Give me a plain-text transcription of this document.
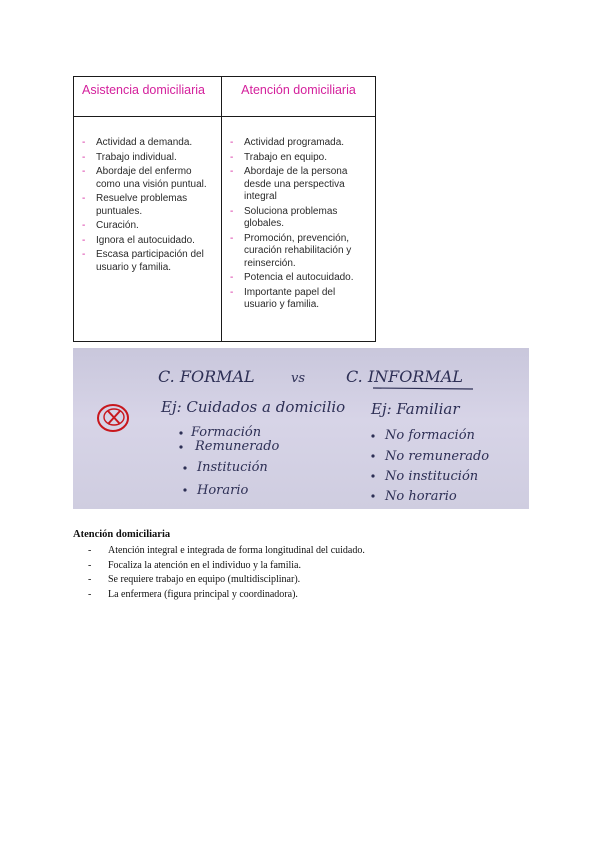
Asistencia domiciliaria
- Actividad a demanda.
- Trabajo individual.
- Abordaje del enfermo como una visión puntual.
- Resuelve problemas puntuales.
- Curación.
- Ignora el autocuidado.
- Escasa participación del usuario y familia.
Atención domiciliaria
- Actividad programada.
- Trabajo en equipo.
- Abordaje de la persona desde una perspectiva integral
- Soluciona problemas globales.
- Promoción, prevención, curación rehabilitación y reinserción.
- Potencia el autocuidado.
- Importante papel del usuario y familia.
C. FORMAL	vs	C. INFORMAL
Ej: Cuidados a domicilio
Formación
Remunerado
Institución
Horario
Ej: Familiar
No formación
No remunerado
No institución
No horario
Atención domiciliaria
- Atención integral e integrada de forma longitudinal del cuidado.
- Focaliza la atención en el individuo y la familia.
- Se requiere trabajo en equipo (multidisciplinar).
- La enfermera (figura principal y coordinadora).
